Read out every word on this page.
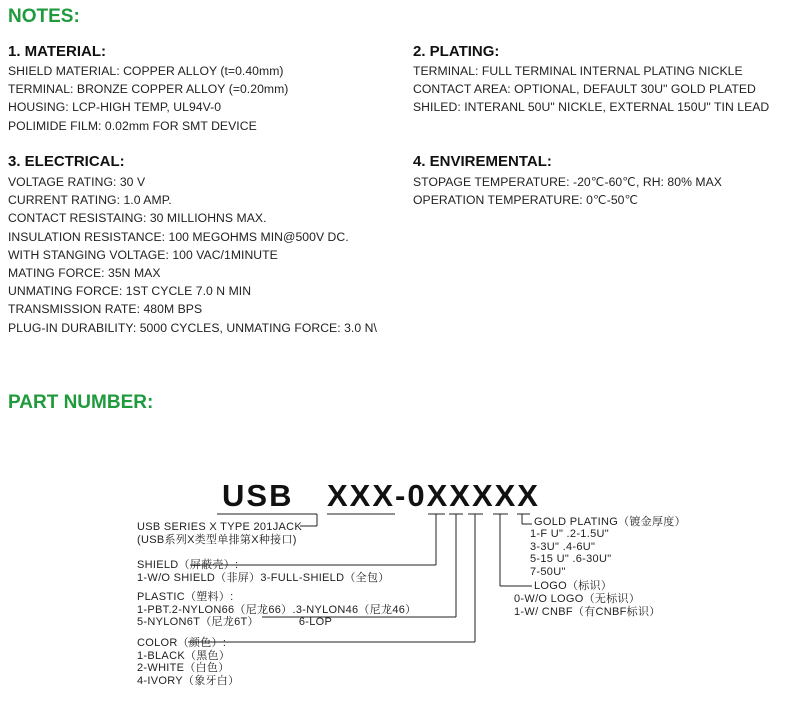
NOTES:
1. MATERIAL:
SHIELD MATERIAL: COPPER ALLOY (t=0.40mm)
TERMINAL: BRONZE COPPER ALLOY (=0.20mm)
HOUSING: LCP-HIGH TEMP, UL94V-0
POLIMIDE FILM: 0.02mm FOR SMT DEVICE
2. PLATING:
TERMINAL: FULL TERMINAL INTERNAL PLATING NICKLE
CONTACT AREA: OPTIONAL, DEFAULT 30U" GOLD PLATED
SHILED: INTERANL 50U" NICKLE, EXTERNAL 150U" TIN LEAD
3. ELECTRICAL:
VOLTAGE RATING: 30 V
CURRENT RATING: 1.0 AMP.
CONTACT RESISTAING: 30 MILLIOHNS MAX.
INSULATION RESISTANCE: 100 MEGOHMS MIN@500V DC.
WITH STANGING VOLTAGE: 100 VAC/1MINUTE
MATING FORCE: 35N MAX
UNMATING FORCE: 1ST CYCLE 7.0 N MIN
TRANSMISSION RATE: 480M BPS
PLUG-IN DURABILITY: 5000 CYCLES, UNMATING FORCE: 3.0 N\
4. ENVIREMENTAL:
STOPAGE TEMPERATURE: -20℃-60℃, RH: 80% MAX
OPERATION TEMPERATURE: 0℃-50℃
PART NUMBER:
USB XXX-0XXXXX
USB SERIES X TYPE 201JACK
(USB系列X类型单排第X种接口)
SHIELD（屏蔽壳）:
1-W/O SHIELD（非屏）3-FULL-SHIELD（全包）
PLASTIC（塑料）:
1-PBT.2-NYLON66（尼龙66）.3-NYLON46（尼龙46）
5-NYLON6T（尼龙6T）	6-LOP
COLOR（颜色）:
1-BLACK（黑色）
2-WHITE（白色）
4-IVORY（象牙白）
GOLD PLATING（镀金厚度）
1-F U" .2-1.5U"
3-3U" .4-6U"
5-15 U" .6-30U"
7-50U"
LOGO（标识）
0-W/O LOGO（无标识）
1-W/ CNBF（有CNBF标识）
